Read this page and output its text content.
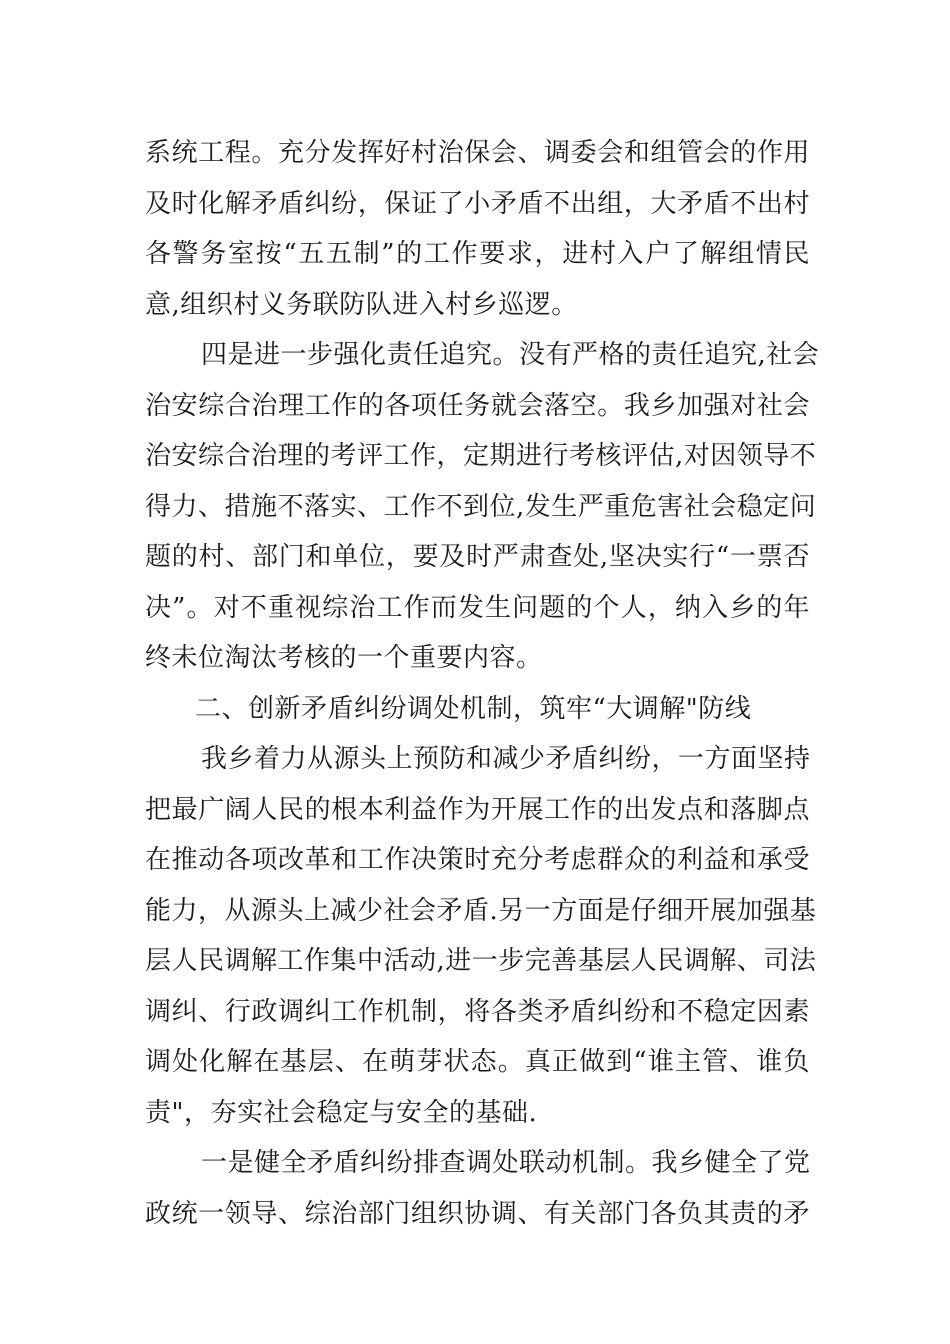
系统工程。充分发挥好村治保会、调委会和组管会的作用
及时化解矛盾纠纷，保证了小矛盾不出组，大矛盾不出村
各警务室按“五五制”的工作要求，进村入户了解组情民
意,组织村义务联防队进入村乡巡逻。
四是进一步强化责任追究。没有严格的责任追究,社会
治安综合治理工作的各项任务就会落空。我乡加强对社会
治安综合治理的考评工作，定期进行考核评估,对因领导不
得力、措施不落实、工作不到位,发生严重危害社会稳定问
题的村、部门和单位，要及时严肃查处,坚决实行“一票否
决”。对不重视综治工作而发生问题的个人，纳入乡的年
终未位淘汰考核的一个重要内容。
二、创新矛盾纠纷调处机制，筑牢“大调解"防线
我乡着力从源头上预防和减少矛盾纠纷，一方面坚持
把最广阔人民的根本利益作为开展工作的出发点和落脚点
在推动各项改革和工作决策时充分考虑群众的利益和承受
能力，从源头上减少社会矛盾.另一方面是仔细开展加强基
层人民调解工作集中活动,进一步完善基层人民调解、司法
调纠、行政调纠工作机制，将各类矛盾纠纷和不稳定因素
调处化解在基层、在萌芽状态。真正做到“谁主管、谁负
责"，夯实社会稳定与安全的基础.
一是健全矛盾纠纷排查调处联动机制。我乡健全了党
政统一领导、综治部门组织协调、有关部门各负其责的矛
